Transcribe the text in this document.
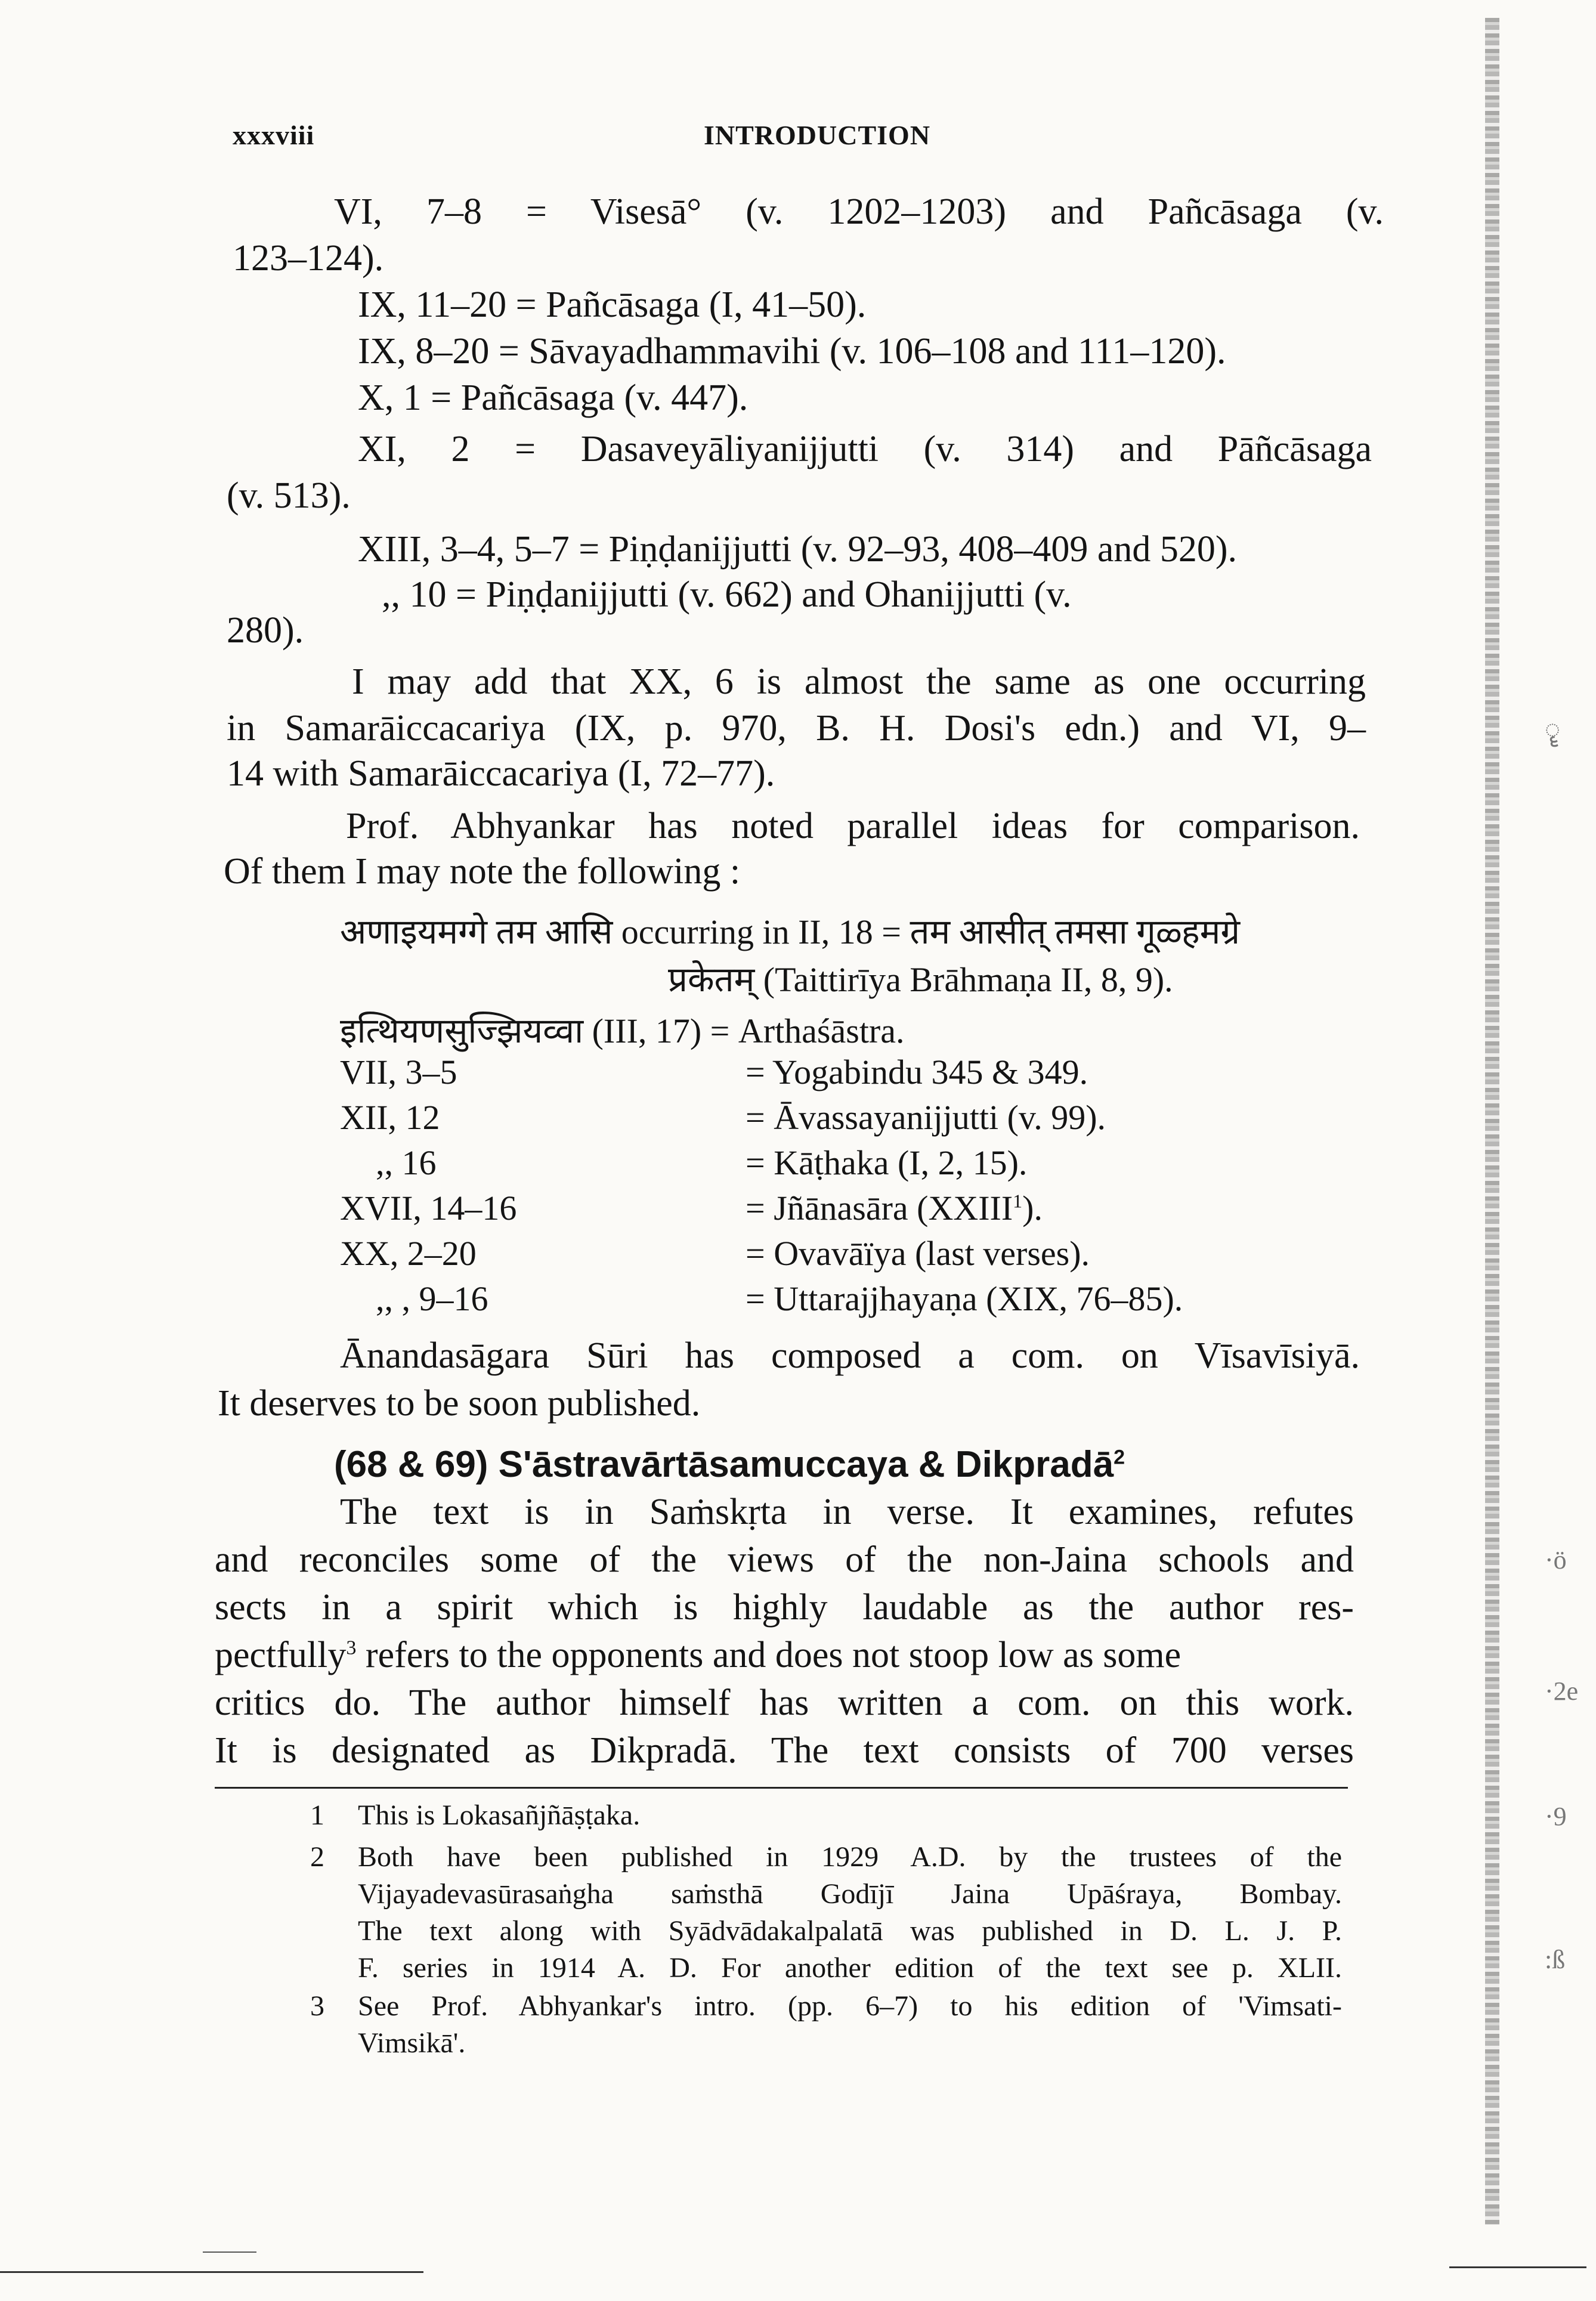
ॄ
·ö
·2e
·9
:ß
xxxviii	INTRODUCTION
VI, 7–8 = Visesā° (v. 1202–1203) and Pañcāsaga (v.
123–124).
IX, 11–20 = Pañcāsaga (I, 41–50).
IX, 8–20 = Sāvayadhammavihi (v. 106–108 and 111–120).
X, 1 = Pañcāsaga (v. 447).
XI, 2 = Dasaveyāliyanijjutti (v. 314) and Pāñcāsaga
(v. 513).
XIII, 3–4, 5–7 = Piṇḍanijjutti (v. 92–93, 408–409 and 520).
,, 10 = Piṇḍanijjutti (v. 662) and Ohanijjutti (v.
280).
I may add that XX, 6 is almost the same as one occurring
in Samarāiccacariya (IX, p. 970, B. H. Dosi's edn.) and VI, 9–
14 with Samarāiccacariya (I, 72–77).
Prof. Abhyankar has noted parallel ideas for comparison.
Of them I may note the following :
अणाइयमग्गे तम आसि occurring in II, 18 = तम आसीत् तमसा गूळ्हमग्रे
प्रकेतम् (Taittirīya Brāhmaṇa II, 8, 9).
इत्थियणसुज्झियव्वा (III, 17) = Arthaśāstra.
VII, 3–5	= Yogabindu 345 & 349.
XII, 12	= Āvassayanijjutti (v. 99).
,, 16	= Kāṭhaka (I, 2, 15).
XVII, 14–16	= Jñānasāra (XXIII$^1$).
XX, 2–20	= Ovavāïya (last verses).
,, , 9–16	= Uttarajjhayaṇa (XIX, 76–85).
Ānandasāgara Sūri has composed a com. on Vīsavīsiyā.
It deserves to be soon published.
(68 & 69) S'āstravārtāsamuccaya & Dikpradā$^2$
The text is in Saṁskṛta in verse. It examines, refutes
and reconciles some of the views of the non-Jaina schools and
sects in a spirit which is highly laudable as the author res-
pectfully$^3$ refers to the opponents and does not stoop low as some
critics do. The author himself has written a com. on this work.
It is designated as Dikpradā. The text consists of 700 verses
1 This is Lokasañjñāṣṭaka.
2 Both have been published in 1929 A.D. by the trustees of the
Vijayadevasūrasaṅgha saṁsthā Godījī Jaina Upāśraya, Bombay.
The text along with Syādvādakalpalatā was published in D. L. J. P.
F. series in 1914 A. D. For another edition of the text see p. XLII.
3 See Prof. Abhyankar's intro. (pp. 6–7) to his edition of 'Vimsati-
Vimsikā'.
